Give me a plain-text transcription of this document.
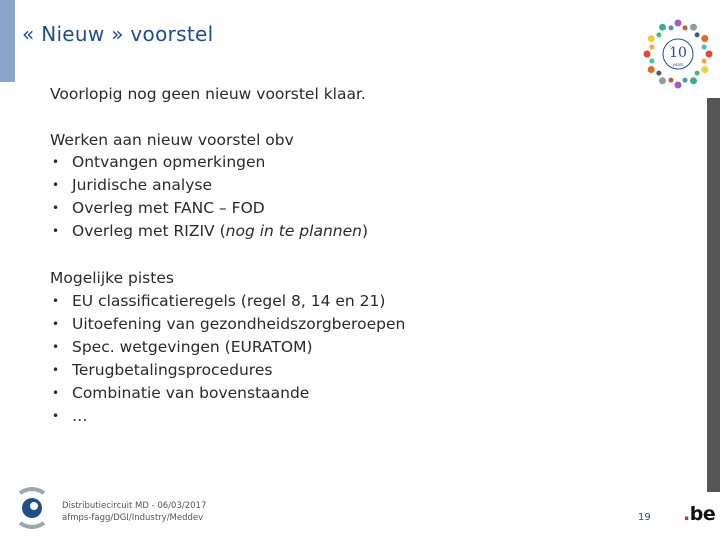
« Nieuw » voorstel
10
years
Voorlopig nog geen nieuw voorstel klaar.
Werken aan nieuw voorstel obv
• Ontvangen opmerkingen
• Juridische analyse
• Overleg met FANC – FOD
• Overleg met RIZIV (nog in te plannen)
Mogelijke pistes
• EU classificatieregels (regel 8, 14 en 21)
• Uitoefening van gezondheidszorgberoepen
• Spec. wetgevingen (EURATOM)
• Terugbetalingsprocedures
• Combinatie van bovenstaande
• …
Distributiecircuit MD - 06/03/2017
afmps-fagg/DGI/Industry/Meddev	19 .be
